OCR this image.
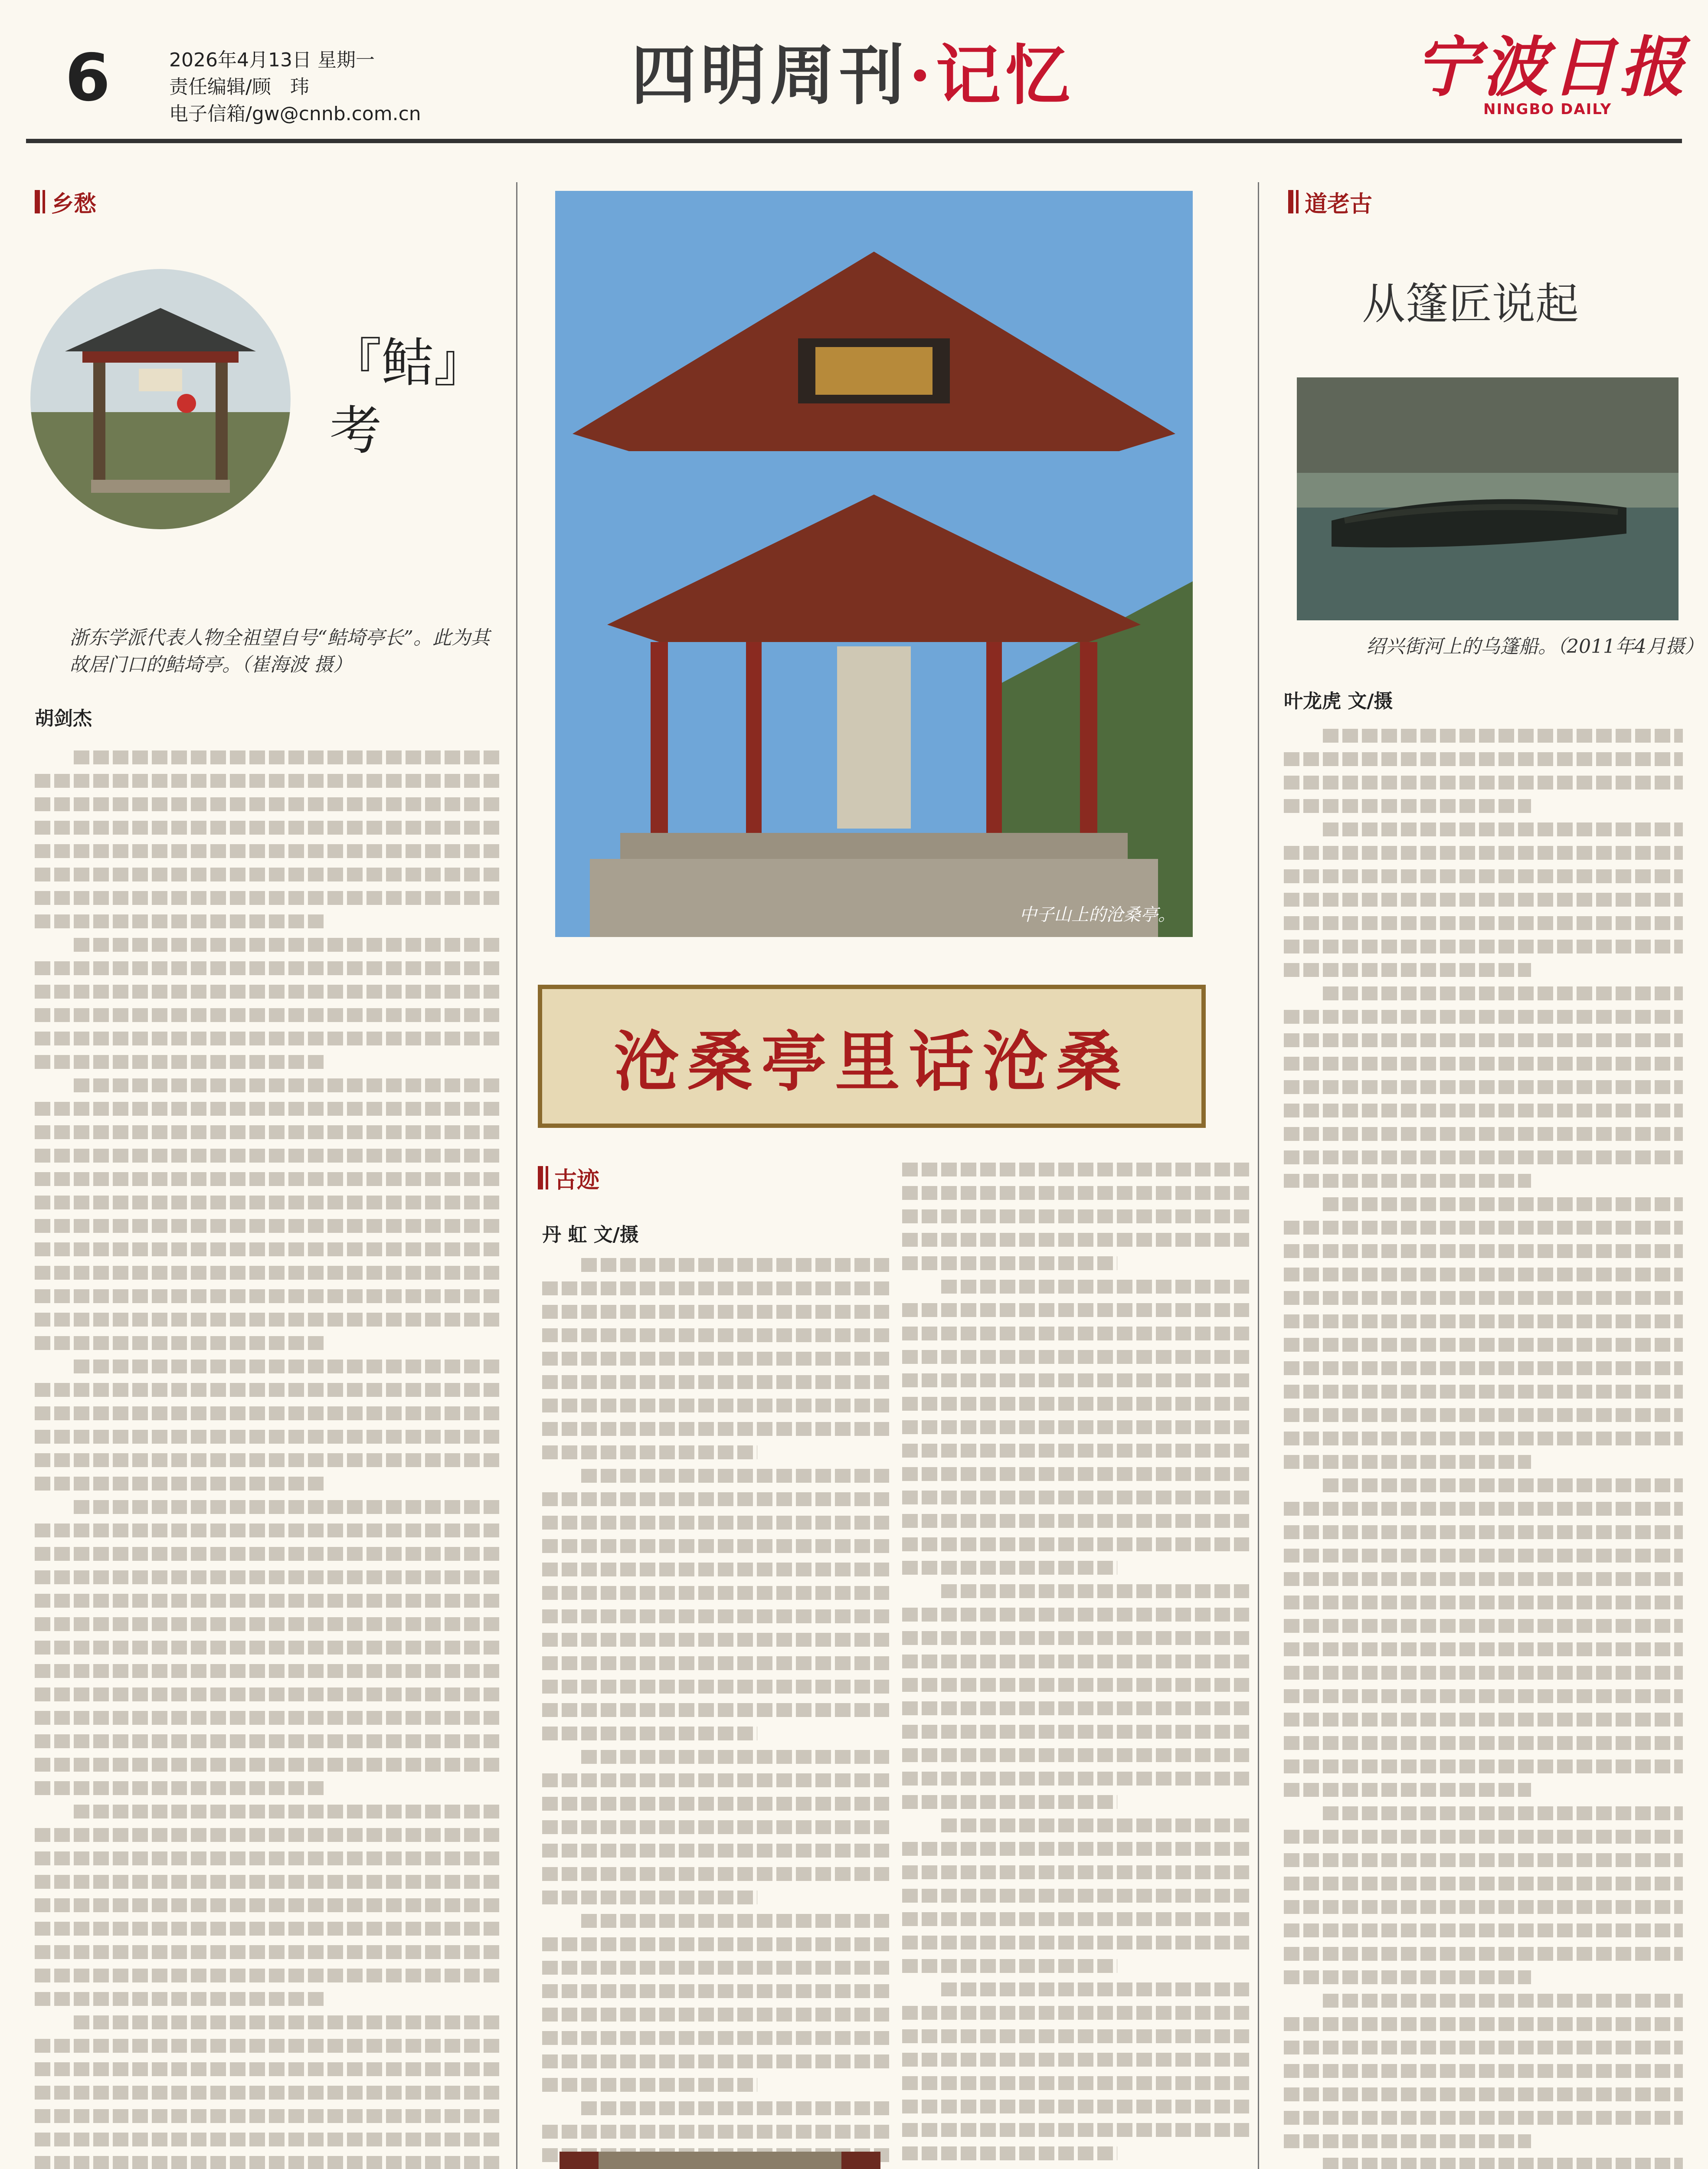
6	2026年4月13日 星期一
责任编辑/顾　玮
电子信箱/gw@cnnb.com.cn
四明周刊·记忆	宁波日报
NINGBO DAILY
乡愁
『鲒』考
浙东学派代表人物全祖望自号“鲒埼亭长”。此为其故居门口的鲒埼亭。（崔海波 摄）
胡剑杰
中子山上的沧桑亭。
沧桑亭里话沧桑
古迹
丹 虹 文/摄
道老古
从篷匠说起
绍兴街河上的乌篷船。（2011年4月摄）
叶龙虎 文/摄
